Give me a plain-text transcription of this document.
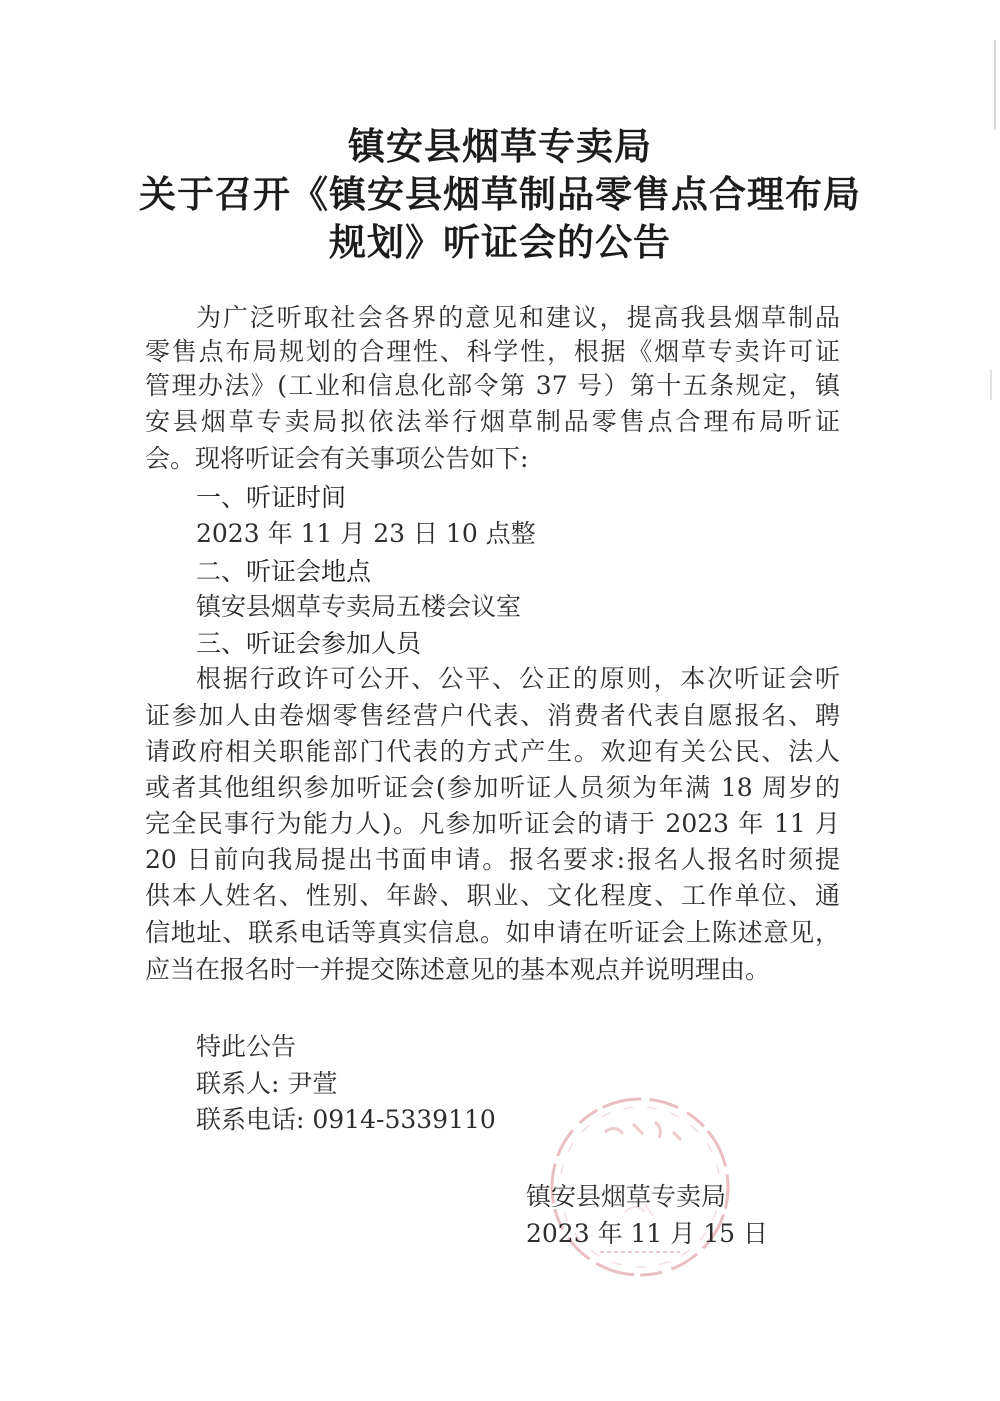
镇安县烟草专卖局
关于召开《镇安县烟草制品零售点合理布局
规划》听证会的公告
为广泛听取社会各界的意见和建议，提高我县烟草制品
零售点布局规划的合理性、科学性，根据《烟草专卖许可证
管理办法》(工业和信息化部令第 37 号）第十五条规定，镇
安县烟草专卖局拟依法举行烟草制品零售点合理布局听证
会。现将听证会有关事项公告如下:
一、听证时间
2023 年 11 月 23 日 10 点整
二、听证会地点
镇安县烟草专卖局五楼会议室
三、听证会参加人员
根据行政许可公开、公平、公正的原则，本次听证会听
证参加人由卷烟零售经营户代表、消费者代表自愿报名、聘
请政府相关职能部门代表的方式产生。欢迎有关公民、法人
或者其他组织参加听证会(参加听证人员须为年满 18 周岁的
完全民事行为能力人)。凡参加听证会的请于 2023 年 11 月
20 日前向我局提出书面申请。报名要求:报名人报名时须提
供本人姓名、性别、年龄、职业、文化程度、工作单位、通
信地址、联系电话等真实信息。如申请在听证会上陈述意见，
应当在报名时一并提交陈述意见的基本观点并说明理由。
特此公告
联系人: 尹萱
联系电话: 0914-5339110
镇安县烟草专卖局
2023 年 11 月 15 日
